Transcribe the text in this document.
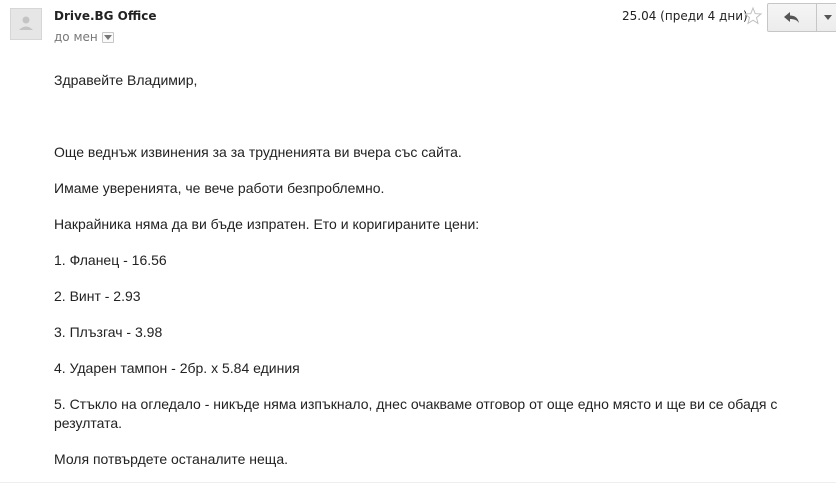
Drive.BG Office
до мен
25.04 (преди 4 дни)

Здравейте Владимир,

Още веднъж извинения за за трудненията ви вчера със сайта.

Имаме уверенията, че вече работи безпроблемно.

Накрайника няма да ви бъде изпратен. Ето и коригираните цени:

1. Фланец - 16.56

2. Винт - 2.93

3. Плъзгач - 3.98

4. Ударен тампон - 2бр. х 5.84 единия

5. Стъкло на огледало - никъде няма изпъкнало, днес очакваме отговор от още едно място и ще ви се обадя с резултата.

Моля потвърдете останалите неща.
